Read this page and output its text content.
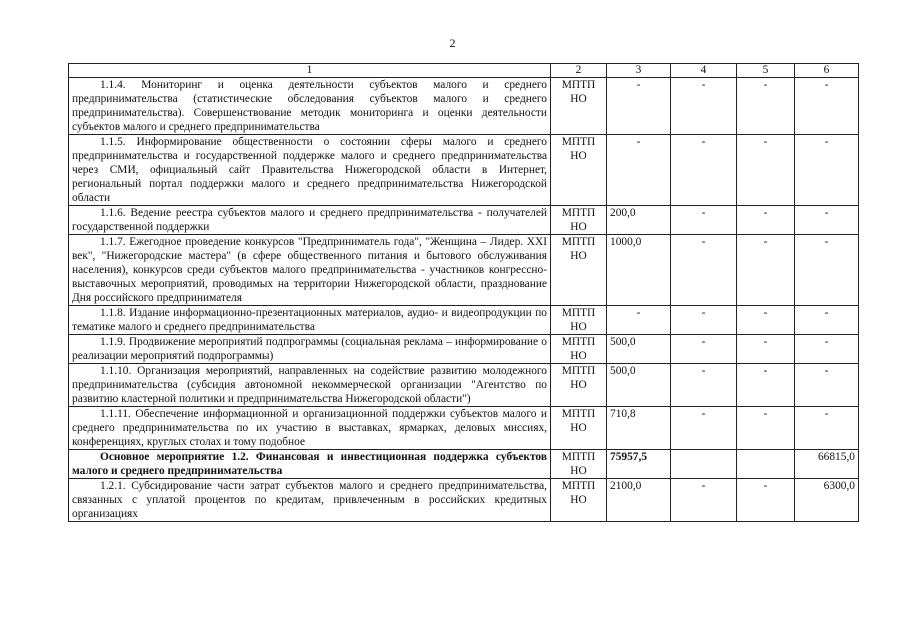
2
1	2	3	4	5	6
1.1.4. Мониторинг и оценка деятельности субъектов малого и среднего предпринимательства (статистические обследования субъектов малого и среднего предпринимательства). Совершенствование методик мониторинга и оценки деятельности субъектов малого и среднего предпринимательства	МПТП НО	-	-	-	-
1.1.5. Информирование общественности о состоянии сферы малого и среднего предпринимательства и государственной поддержке малого и среднего предпринимательства через СМИ, официальный сайт Правительства Нижегородской области в Интернет, региональный портал поддержки малого и среднего предпринимательства Нижегородской области	МПТП НО	-	-	-	-
1.1.6. Ведение реестра субъектов малого и среднего предпринимательства - получателей государственной поддержки	МПТП НО	200,0	-	-	-
1.1.7. Ежегодное проведение конкурсов "Предприниматель года", "Женщина – Лидер. XXI век", "Нижегородские мастера" (в сфере общественного питания и бытового обслуживания населения), конкурсов среди субъектов малого предпринимательства - участников конгрессно-выставочных мероприятий, проводимых на территории Нижегородской области, празднование Дня российского предпринимателя	МПТП НО	1000,0	-	-	-
1.1.8. Издание информационно-презентационных материалов, аудио- и видеопродукции по тематике малого и среднего предпринимательства	МПТП НО	-	-	-	-
1.1.9. Продвижение мероприятий подпрограммы (социальная реклама – информирование о реализации мероприятий подпрограммы)	МПТП НО	500,0	-	-	-
1.1.10. Организация мероприятий, направленных на содействие развитию молодежного предпринимательства (субсидия автономной некоммерческой организации "Агентство по развитию кластерной политики и предпринимательства Нижегородской области")	МПТП НО	500,0	-	-	-
1.1.11. Обеспечение информационной и организационной поддержки субъектов малого и среднего предпринимательства по их участию в выставках, ярмарках, деловых миссиях, конференциях, круглых столах и тому подобное	МПТП НО	710,8	-	-	-
Основное мероприятие 1.2. Финансовая и инвестиционная поддержка субъектов малого и среднего предпринимательства	МПТП НО	75957,5			66815,0
1.2.1. Субсидирование части затрат субъектов малого и среднего предпринимательства, связанных с уплатой процентов по кредитам, привлеченным в российских кредитных организациях	МПТП НО	2100,0	-	-	6300,0
